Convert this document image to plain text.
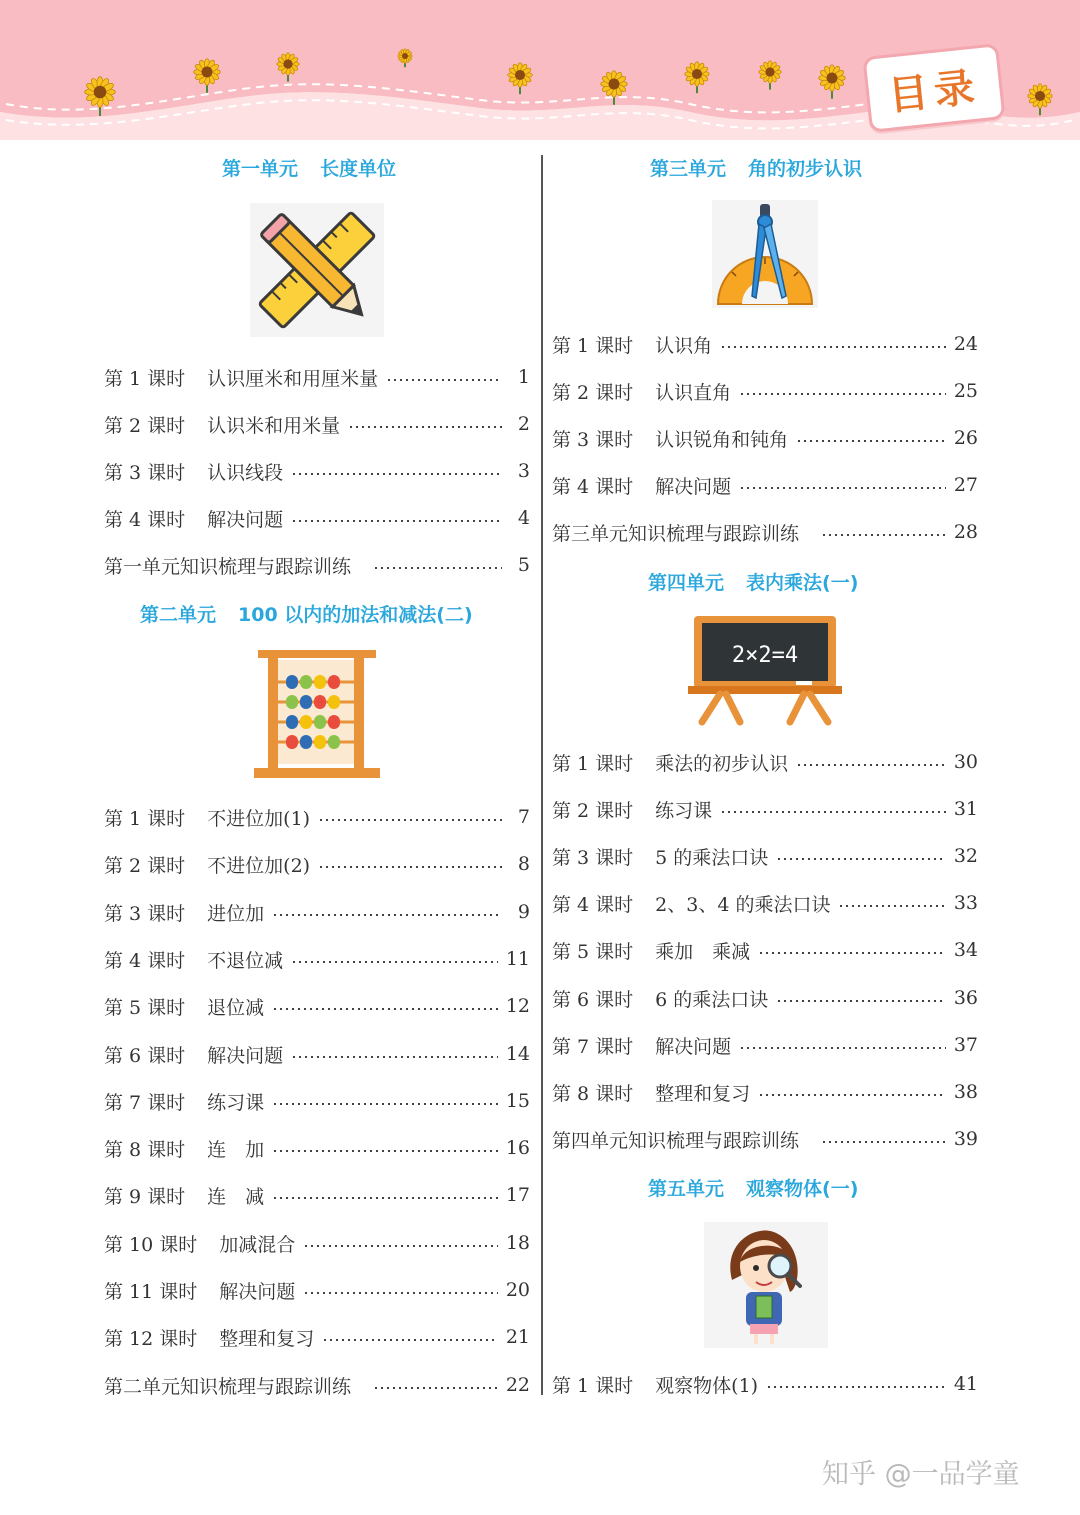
目录
第一单元 长度单位
第 1 课时 认识厘米和用厘米量	1
第 2 课时 认识米和用米量	2
第 3 课时 认识线段	3
第 4 课时 解决问题	4
第一单元知识梳理与跟踪训练	5
第二单元 100 以内的加法和减法(二)
第 1 课时 不进位加(1)	7
第 2 课时 不进位加(2)	8
第 3 课时 进位加	9
第 4 课时 不退位减	11
第 5 课时 退位减	12
第 6 课时 解决问题	14
第 7 课时 练习课	15
第 8 课时 连　加	16
第 9 课时 连　减	17
第 10 课时 加减混合	18
第 11 课时 解决问题	20
第 12 课时 整理和复习	21
第二单元知识梳理与跟踪训练	22
第三单元 角的初步认识
第 1 课时 认识角	24
第 2 课时 认识直角	25
第 3 课时 认识锐角和钝角	26
第 4 课时 解决问题	27
第三单元知识梳理与跟踪训练	28
第四单元 表内乘法(一)
2×2=4
第 1 课时 乘法的初步认识	30
第 2 课时 练习课	31
第 3 课时 5 的乘法口诀	32
第 4 课时 2、3、4 的乘法口诀	33
第 5 课时 乘加　乘减	34
第 6 课时 6 的乘法口诀	36
第 7 课时 解决问题	37
第 8 课时 整理和复习	38
第四单元知识梳理与跟踪训练	39
第五单元 观察物体(一)
第 1 课时 观察物体(1)	41
知乎 @一品学童
